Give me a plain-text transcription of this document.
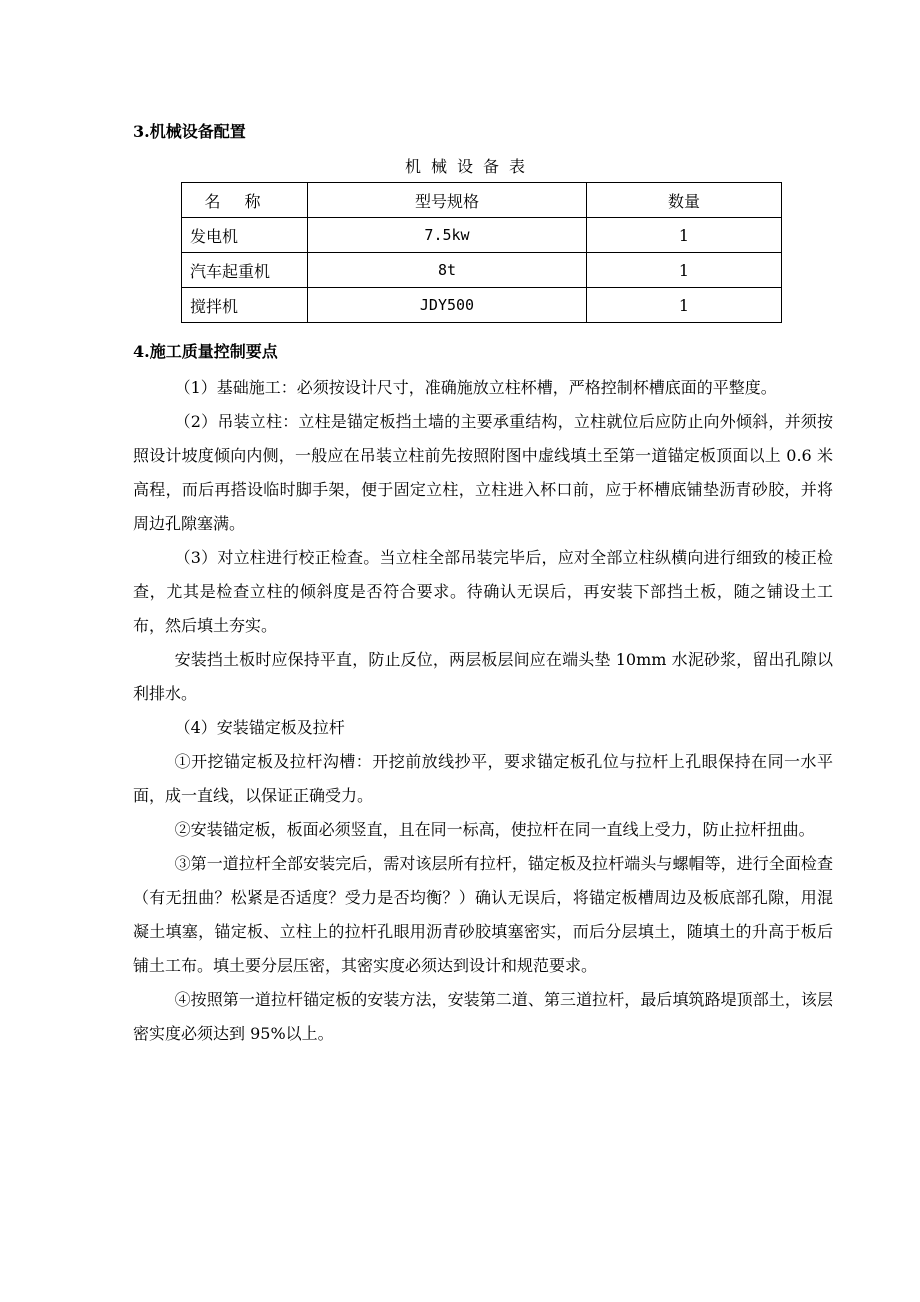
3.机械设备配置
机械设备表
名称	型号规格	数量
发电机	7.5kw	1
汽车起重机	8t	1
搅拌机	JDY500	1
4.施工质量控制要点

（1）基础施工：必须按设计尺寸，准确施放立柱杯槽，严格控制杯槽底面的平整度。

（2）吊装立柱：立柱是锚定板挡土墙的主要承重结构，立柱就位后应防止向外倾斜，并须按照设计坡度倾向内侧，一般应在吊装立柱前先按照附图中虚线填土至第一道锚定板顶面以上 0.6 米高程，而后再搭设临时脚手架，便于固定立柱，立柱进入杯口前，应于杯槽底铺垫沥青砂胶，并将周边孔隙塞满。

（3）对立柱进行校正检查。当立柱全部吊装完毕后，应对全部立柱纵横向进行细致的棱正检查，尤其是检查立柱的倾斜度是否符合要求。待确认无误后，再安装下部挡土板，随之铺设土工布，然后填土夯实。

安装挡土板时应保持平直，防止反位，两层板层间应在端头垫 10mm 水泥砂浆，留出孔隙以利排水。

（4）安装锚定板及拉杆

①开挖锚定板及拉杆沟槽：开挖前放线抄平，要求锚定板孔位与拉杆上孔眼保持在同一水平面，成一直线，以保证正确受力。

②安装锚定板，板面必须竖直，且在同一标高，使拉杆在同一直线上受力，防止拉杆扭曲。

③第一道拉杆全部安装完后，需对该层所有拉杆，锚定板及拉杆端头与螺帽等，进行全面检查（有无扭曲？松紧是否适度？受力是否均衡？）确认无误后，将锚定板槽周边及板底部孔隙，用混凝土填塞，锚定板、立柱上的拉杆孔眼用沥青砂胶填塞密实，而后分层填土，随填土的升高于板后铺土工布。填土要分层压密，其密实度必须达到设计和规范要求。

④按照第一道拉杆锚定板的安装方法，安装第二道、第三道拉杆，最后填筑路堤顶部土，该层密实度必须达到 95%以上。
